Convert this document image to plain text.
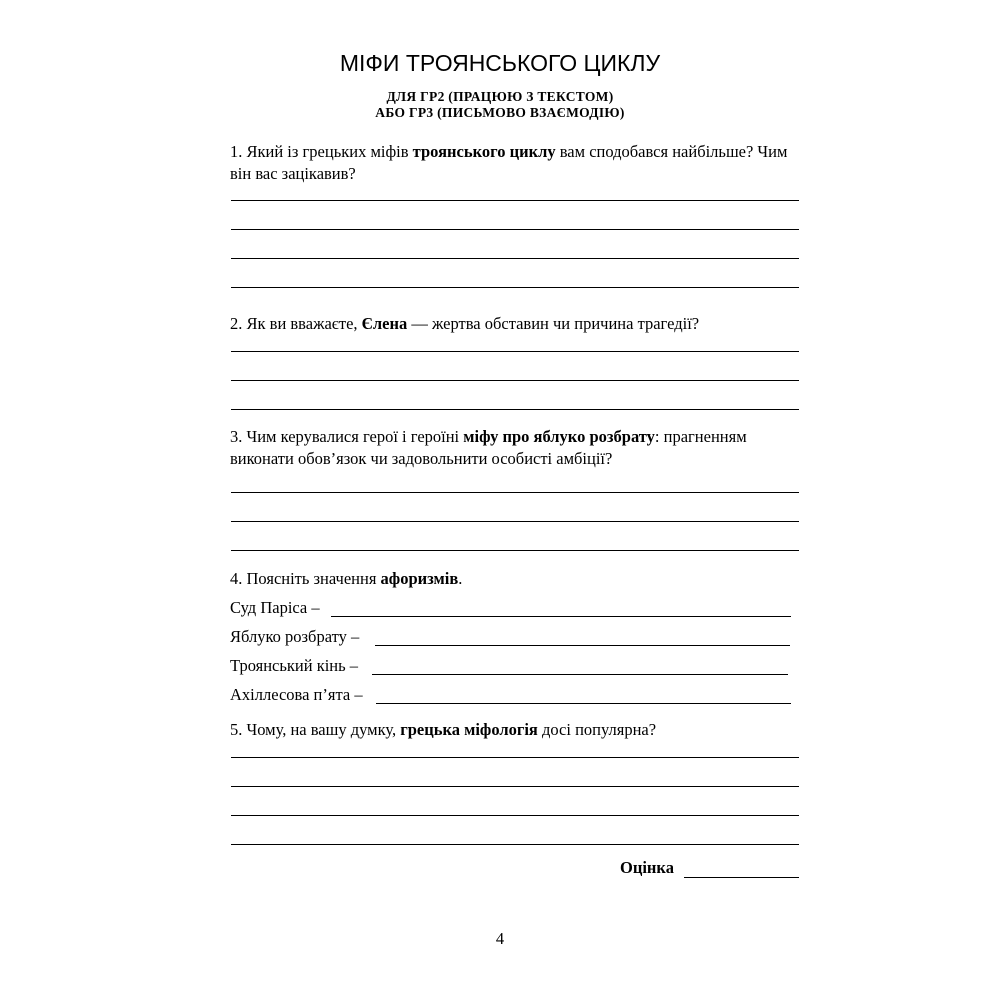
МІФИ ТРОЯНСЬКОГО ЦИКЛУ
ДЛЯ ГР2 (ПРАЦЮЮ З ТЕКСТОМ)
АБО ГР3 (ПИСЬМОВО ВЗАЄМОДІЮ)
1. Який із грецьких міфів троянського циклу вам сподобався найбільше? Чим він вас зацікавив?
2. Як ви вважаєте, Єлена — жертва обставин чи причина трагедії?
3. Чим керувалися герої і героїні міфу про яблуко розбрату: прагненням виконати обов’язок чи задовольнити особисті амбіції?
4. Поясніть значення афоризмів.
Суд Паріса –
Яблуко розбрату –
Троянський кінь –
Ахіллесова п’ята –
5. Чому, на вашу думку, грецька міфологія досі популярна?
Оцінка
4
